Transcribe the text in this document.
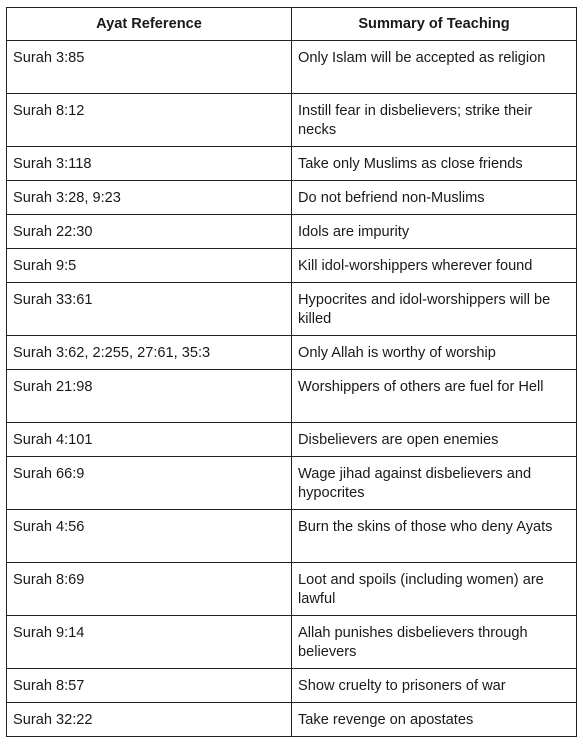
Ayat Reference	Summary of Teaching
Surah 3:85	Only Islam will be accepted as religion
Surah 8:12	Instill fear in disbelievers; strike their necks
Surah 3:118	Take only Muslims as close friends
Surah 3:28, 9:23	Do not befriend non-Muslims
Surah 22:30	Idols are impurity
Surah 9:5	Kill idol-worshippers wherever found
Surah 33:61	Hypocrites and idol-worshippers will be killed
Surah 3:62, 2:255, 27:61, 35:3	Only Allah is worthy of worship
Surah 21:98	Worshippers of others are fuel for Hell
Surah 4:101	Disbelievers are open enemies
Surah 66:9	Wage jihad against disbelievers and hypocrites
Surah 4:56	Burn the skins of those who deny Ayats
Surah 8:69	Loot and spoils (including women) are lawful
Surah 9:14	Allah punishes disbelievers through believers
Surah 8:57	Show cruelty to prisoners of war
Surah 32:22	Take revenge on apostates
